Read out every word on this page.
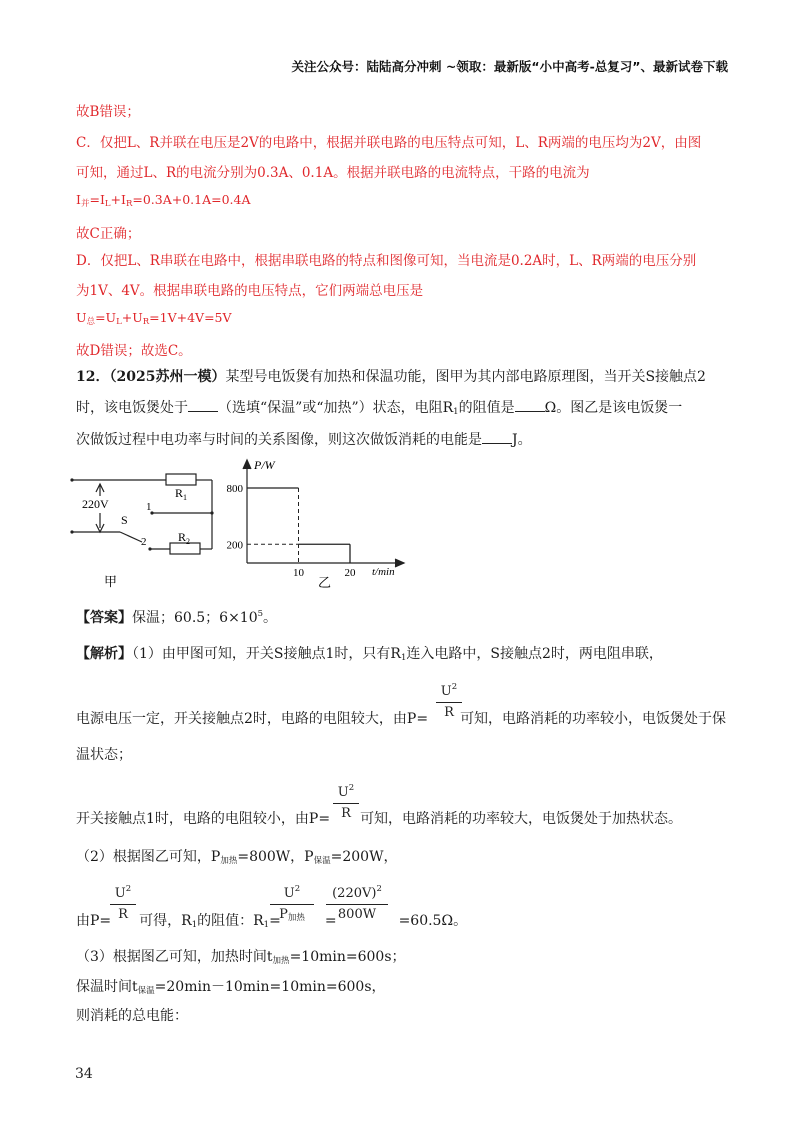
关注公众号：陆陆高分冲刺 ~领取：最新版“小中高考-总复习”、最新试卷下载
故B错误；
C．仅把L、R并联在电压是2V的电路中，根据并联电路的电压特点可知，L、R两端的电压均为2V，由图
可知，通过L、R的电流分别为0.3A、0.1A。根据并联电路的电流特点，干路的电流为
$I_并=I_L+I_R=0.3A+0.1A=0.4A$
故C正确；
D．仅把L、R串联在电路中，根据串联电路的特点和图像可知，当电流是0.2A时，L、R两端的电压分别
为1V、4V。根据串联电路的电压特点，它们两端总电压是
$U_总=U_L+U_R=1V+4V=5V$
故D错误；故选C。
12．（2025苏州一模）某型号电饭煲有加热和保温功能，图甲为其内部电路原理图，当开关S接触点2
时，该电饭煲处于 （选填“保温”或“加热”）状态，电阻$R_1$的阻值是 Ω。图乙是该电饭煲一
次做饭过程中电功率与时间的关系图像，则这次做饭消耗的电能是 J。
220V
S
1
2
$R_1$
$R_2$
甲
800
200
10	20
P/W
t/min
乙
【答案】保温；60.5；$6\times 10^5$。
【解析】（1）由甲图可知，开关S接触点1时，只有$R_1$连入电路中，S接触点2时，两电阻串联，
电源电压一定，开关接触点2时，电路的电阻较大，由P= 可知，电路消耗的功率较小，电饭煲处于保
$U^2$
R
温状态；
开关接触点1时，电路的电阻较小，由P= 可知，电路消耗的功率较大，电饭煲处于加热状态。
$U^2$
R
（2）根据图乙可知，$P_{加热}=800W$，$P_{保温}=200W$，
由P= 可得，$R_1$的阻值：$R_1=$	=	=60.5Ω。
$U^2$
R
$U^2$
$P_{加热}$
$(220V)^2$
800W
（3）根据图乙可知，加热时间$t_{加热}=10\min=600s$；
保温时间$t_{保温}=20\min-10\min=10\min=600s$，
则消耗的总电能：
34
